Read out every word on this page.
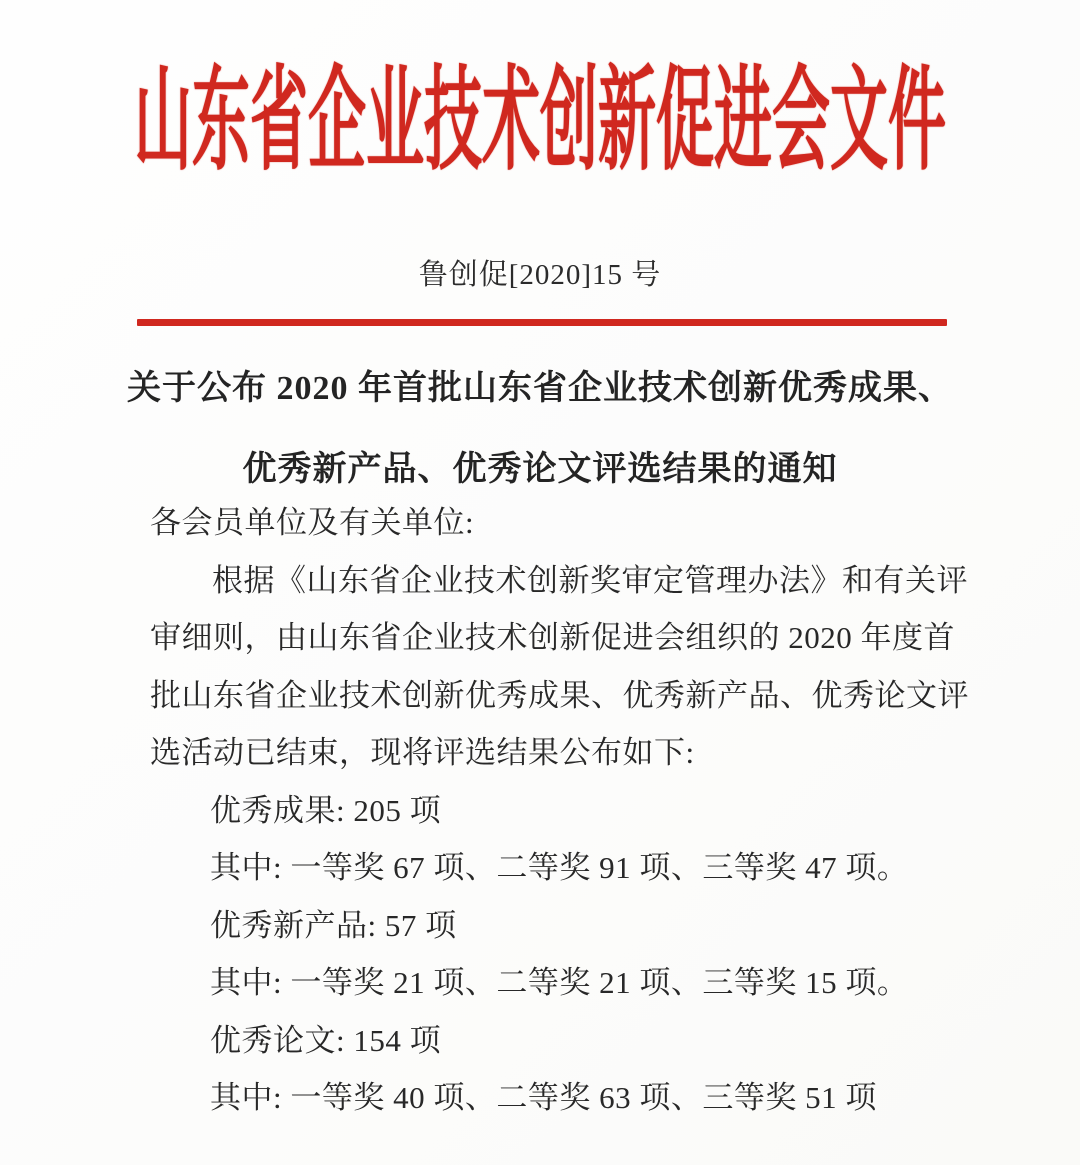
山东省企业技术创新促进会文件
鲁创促[2020]15 号
关于公布 2020 年首批山东省企业技术创新优秀成果、
优秀新产品、优秀论文评选结果的通知
各会员单位及有关单位:
根据《山东省企业技术创新奖审定管理办法》和有关评
审细则，由山东省企业技术创新促进会组织的 2020 年度首
批山东省企业技术创新优秀成果、优秀新产品、优秀论文评
选活动已结束，现将评选结果公布如下:
优秀成果: 205 项
其中: 一等奖 67 项、二等奖 91 项、三等奖 47 项。
优秀新产品: 57 项
其中: 一等奖 21 项、二等奖 21 项、三等奖 15 项。
优秀论文: 154 项
其中: 一等奖 40 项、二等奖 63 项、三等奖 51 项
